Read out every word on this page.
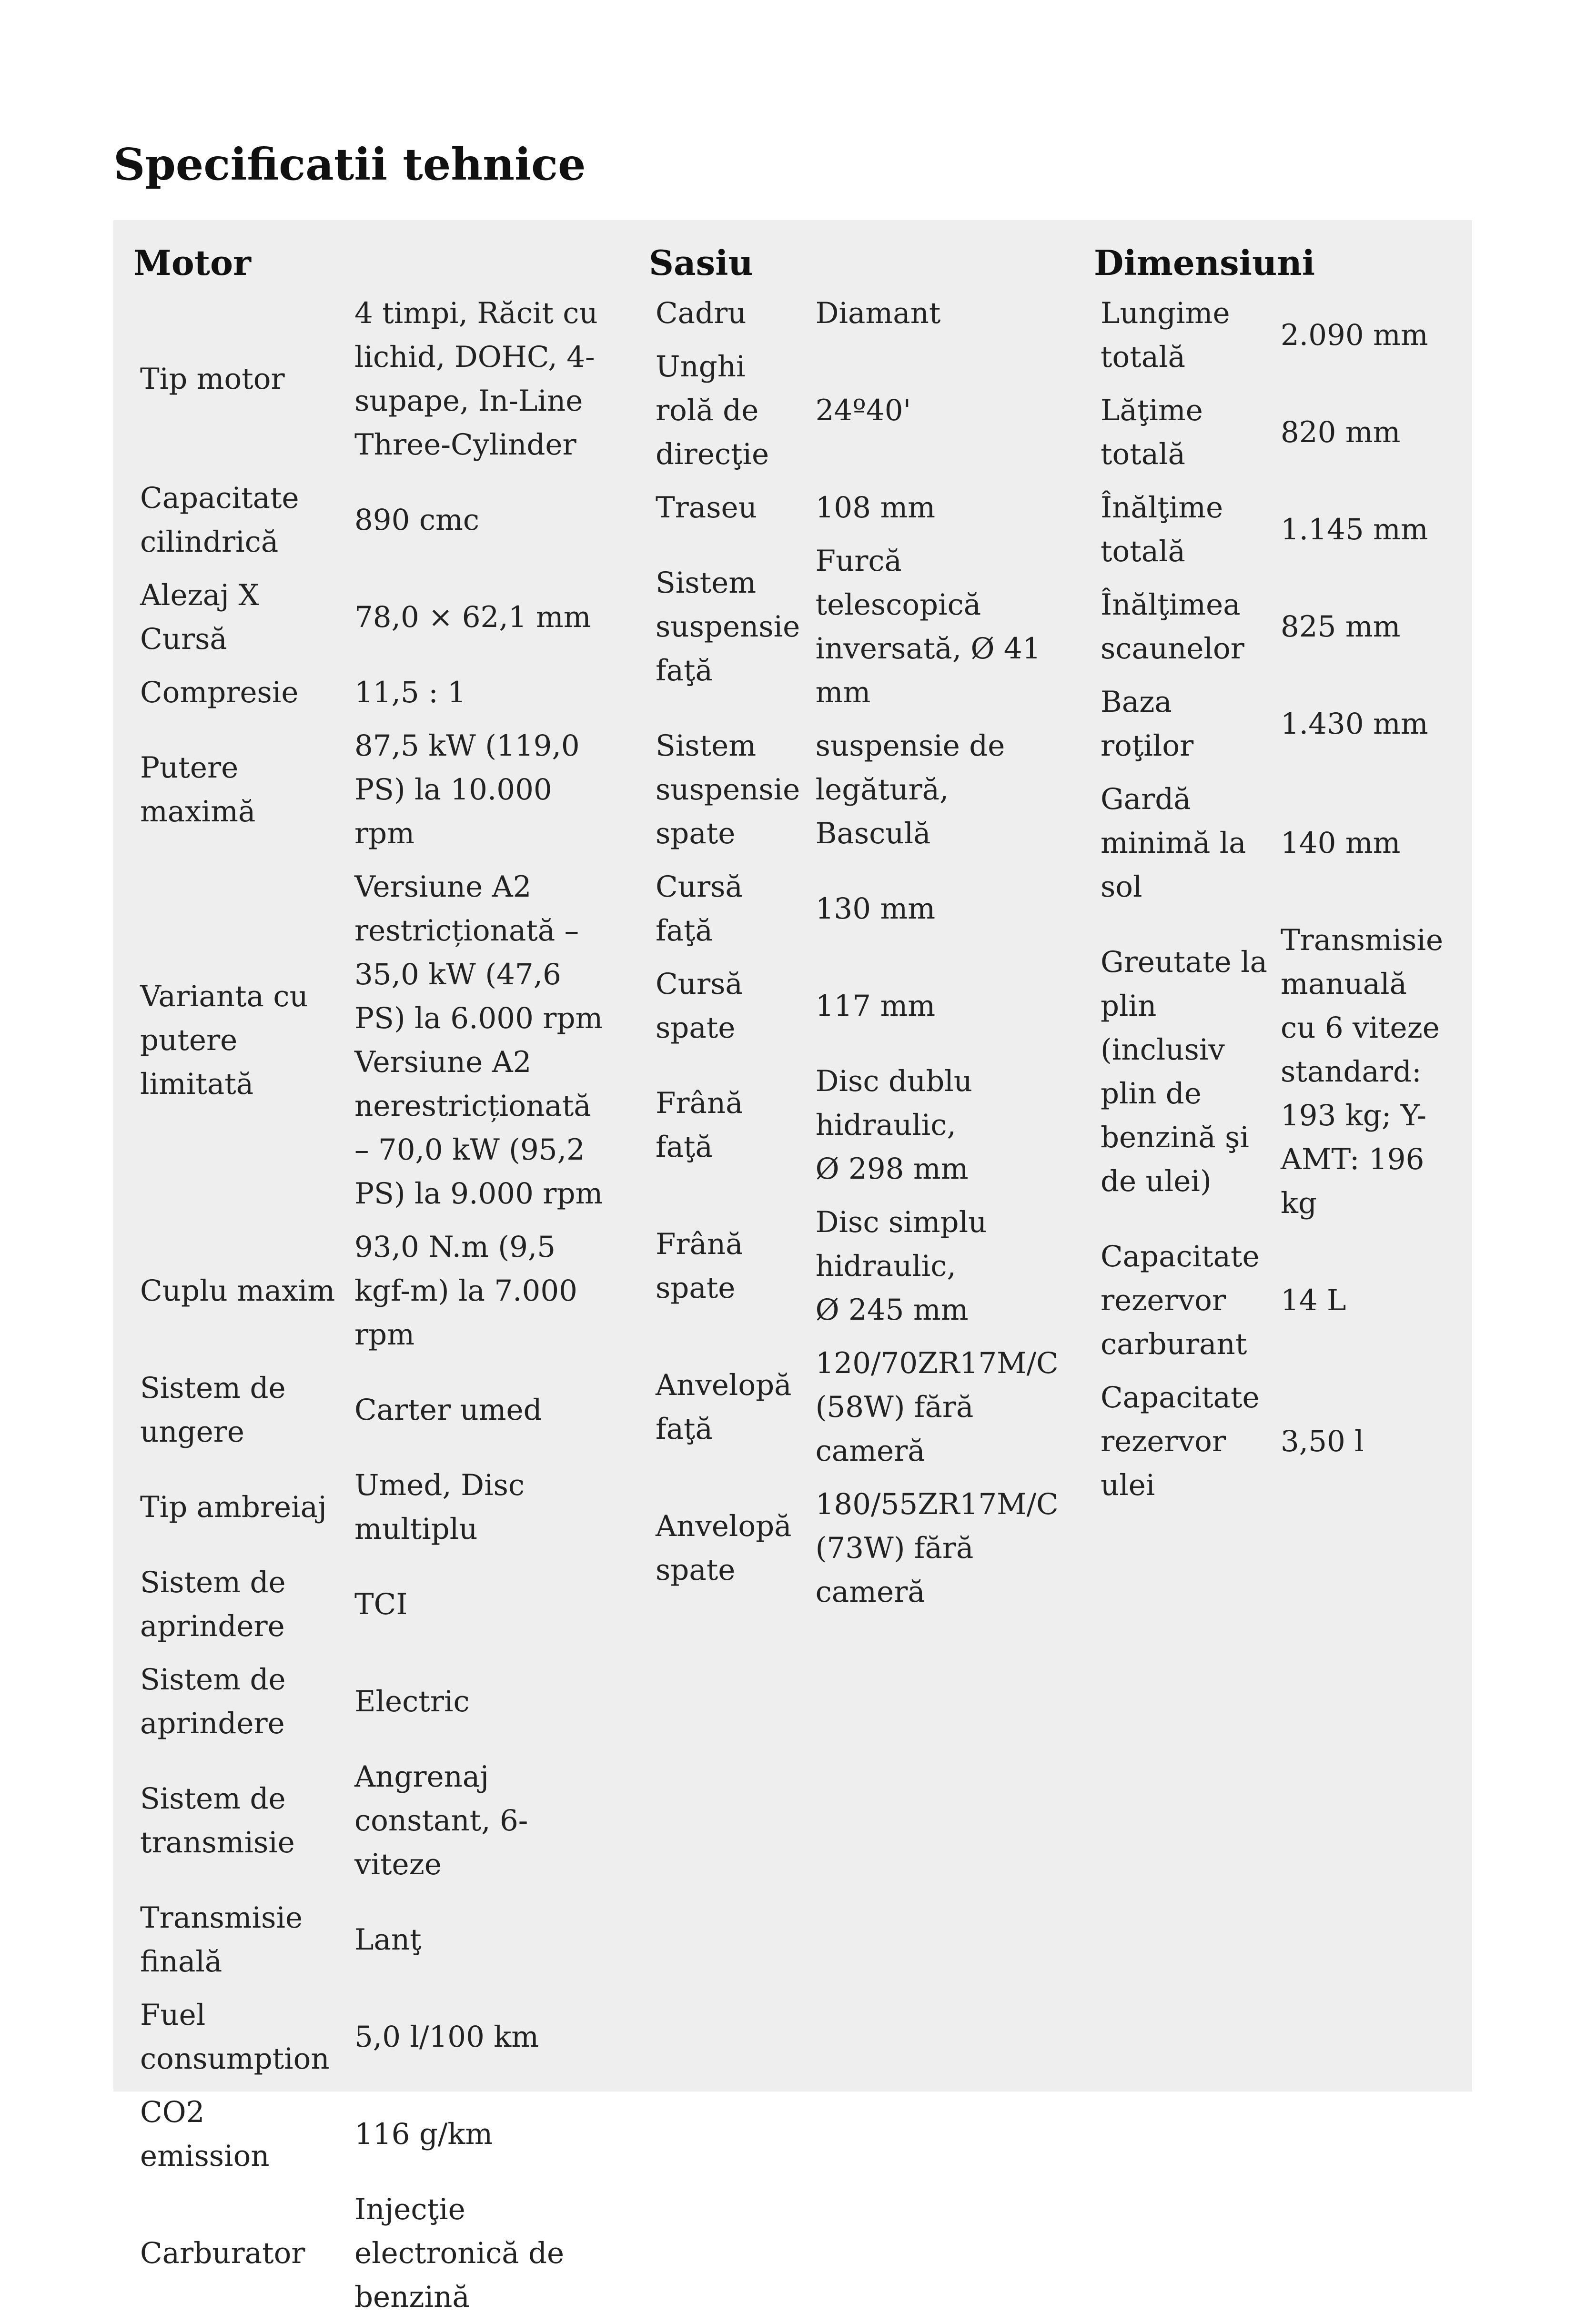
Specificatii tehnice
Motor
Tip motor	4 timpi, Răcit cu lichid, DOHC, 4-supape, In-Line Three-Cylinder
Capacitate cilindrică	890 cmc
Alezaj X Cursă	78,0 × 62,1 mm
Compresie	11,5 : 1
Putere maximă	87,5 kW (119,0 PS) la 10.000 rpm
Varianta cu putere limitată	Versiune A2 restricționată – 35,0 kW (47,6 PS) la 6.000 rpm
Versiune A2 nerestricționată – 70,0 kW (95,2 PS) la 9.000 rpm

Cuplu maxim	93,0 N.m (9,5 kgf-m) la 7.000 rpm
Sistem de ungere	Carter umed
Tip ambreiaj	Umed, Disc multiplu
Sistem de aprindere	TCI
Sistem de aprindere	Electric
Sistem de transmisie	Angrenaj constant, 6-viteze
Transmisie finală	Lanţ
Fuel consumption	5,0 l/100 km
CO2 emission	116 g/km
Carburator	Injecţie electronică de benzină
Sasiu
Cadru	Diamant
Unghi rolă de direcţie	24º40'
Traseu	108 mm
Sistem suspensie faţă	Furcă telescopică inversată, Ø 41 mm
Sistem suspensie spate	suspensie de legătură, Basculă
Cursă faţă	130 mm
Cursă spate	117 mm
Frână faţă	Disc dublu hidraulic,
Ø 298 mm

Frână spate	Disc simplu hidraulic,
Ø 245 mm

Anvelopă faţă	120/70ZR17M/C (58W) fără cameră
Anvelopă spate	180/55ZR17M/C (73W) fără cameră
Dimensiuni
Lungime totală	2.090 mm
Lăţime totală	820 mm
Înălţime totală	1.145 mm
Înălţimea scaunelor	825 mm
Baza roţilor	1.430 mm
Gardă minimă la sol	140 mm
Greutate la plin (inclusiv plin de benzină şi de ulei)	Transmisie manuală cu 6 viteze standard: 193 kg; Y-AMT: 196 kg
Capacitate rezervor carburant	14 L
Capacitate rezervor ulei	3,50 l
